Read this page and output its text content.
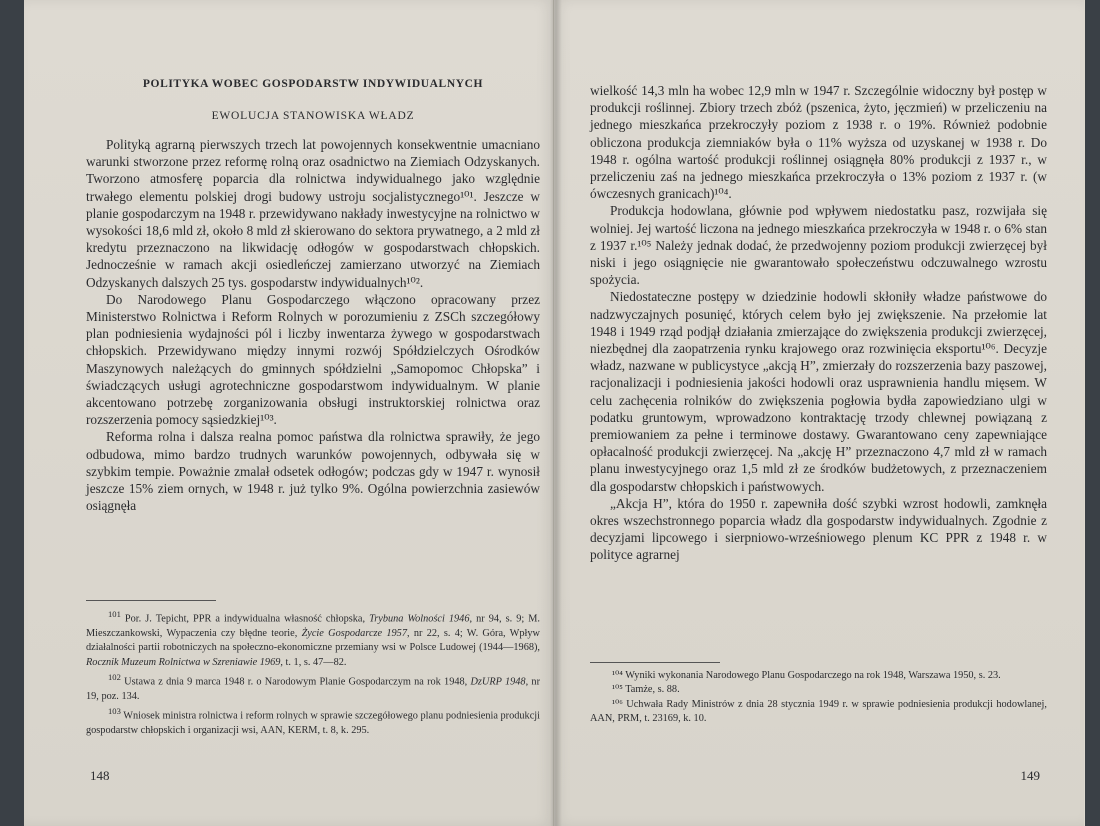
POLITYKA WOBEC GOSPODARSTW INDYWIDUALNYCH
EWOLUCJA STANOWISKA WŁADZ

Polityką agrarną pierwszych trzech lat powojennych konsekwentnie umacniano warunki stworzone przez reformę rolną oraz osadnictwo na Ziemiach Odzyskanych. Tworzono atmosferę poparcia dla rolnictwa indywidualnego jako względnie trwałego elementu polskiej drogi budowy ustroju socjalistycznego¹⁰¹. Jeszcze w planie gospodarczym na 1948 r. przewidywano nakłady inwestycyjne na rolnictwo w wysokości 18,6 mld zł, około 8 mld zł skierowano do sektora prywatnego, a 2 mld zł kredytu przeznaczono na likwidację odłogów w gospodarstwach chłopskich. Jednocześnie w ramach akcji osiedleńczej zamierzano utworzyć na Ziemiach Odzyskanych dalszych 25 tys. gospodarstw indywidualnych¹⁰².

Do Narodowego Planu Gospodarczego włączono opracowany przez Ministerstwo Rolnictwa i Reform Rolnych w porozumieniu z ZSCh szczegółowy plan podniesienia wydajności pól i liczby inwentarza żywego w gospodarstwach chłopskich. Przewidywano między innymi rozwój Spółdzielczych Ośrodków Maszynowych należących do gminnych spółdzielni „Samopomoc Chłopska” i świadczących usługi agrotechniczne gospodarstwom indywidualnym. W planie akcentowano potrzebę zorganizowania obsługi instruktorskiej rolnictwa oraz rozszerzenia pomocy sąsiedzkiej¹⁰³.

Reforma rolna i dalsza realna pomoc państwa dla rolnictwa sprawiły, że jego odbudowa, mimo bardzo trudnych warunków powojennych, odbywała się w szybkim tempie. Poważnie zmalał odsetek odłogów; podczas gdy w 1947 r. wynosił jeszcze 15% ziem ornych, w 1948 r. już tylko 9%. Ogólna powierzchnia zasiewów osiągnęła

$^{101}$ Por. J. Tepicht, PPR a indywidualna własność chłopska, Trybuna Wolności 1946, nr 94, s. 9; M. Mieszczankowski, Wypaczenia czy błędne teorie, Życie Gospodarcze 1957, nr 22, s. 4; W. Góra, Wpływ działalności partii robotniczych na społeczno-ekonomiczne przemiany wsi w Polsce Ludowej (1944—1968), Rocznik Muzeum Rolnictwa w Szreniawie 1969, t. 1, s. 47—82.

$^{102}$ Ustawa z dnia 9 marca 1948 r. o Narodowym Planie Gospodarczym na rok 1948, DzURP 1948, nr 19, poz. 134.

$^{103}$ Wniosek ministra rolnictwa i reform rolnych w sprawie szczegółowego planu podniesienia produkcji gospodarstw chłopskich i organizacji wsi, AAN, KERM, t. 8, k. 295.

148

wielkość 14,3 mln ha wobec 12,9 mln w 1947 r. Szczególnie widoczny był postęp w produkcji roślinnej. Zbiory trzech zbóż (pszenica, żyto, jęczmień) w przeliczeniu na jednego mieszkańca przekroczyły poziom z 1938 r. o 19%. Również podobnie obliczona produkcja ziemniaków była o 11% wyższa od uzyskanej w 1938 r. Do 1948 r. ogólna wartość produkcji roślinnej osiągnęła 80% produkcji z 1937 r., w przeliczeniu zaś na jednego mieszkańca przekroczyła o 13% poziom z 1937 r. (w ówczesnych granicach)¹⁰⁴.

Produkcja hodowlana, głównie pod wpływem niedostatku pasz, rozwijała się wolniej. Jej wartość liczona na jednego mieszkańca przekroczyła w 1948 r. o 6% stan z 1937 r.¹⁰⁵ Należy jednak dodać, że przedwojenny poziom produkcji zwierzęcej był niski i jego osiągnięcie nie gwarantowało społeczeństwu odczuwalnego wzrostu spożycia.

Niedostateczne postępy w dziedzinie hodowli skłoniły władze państwowe do nadzwyczajnych posunięć, których celem było jej zwiększenie. Na przełomie lat 1948 i 1949 rząd podjął działania zmierzające do zwiększenia produkcji zwierzęcej, niezbędnej dla zaopatrzenia rynku krajowego oraz rozwinięcia eksportu¹⁰⁶. Decyzje władz, nazwane w publicystyce „akcją H”, zmierzały do rozszerzenia bazy paszowej, racjonalizacji i podniesienia jakości hodowli oraz usprawnienia handlu mięsem. W celu zachęcenia rolników do zwiększenia pogłowia bydła zapowiedziano ulgi w podatku gruntowym, wprowadzono kontraktację trzody chlewnej powiązaną z premiowaniem za pełne i terminowe dostawy. Gwarantowano ceny zapewniające opłacalność produkcji zwierzęcej. Na „akcję H” przeznaczono 4,7 mld zł w ramach planu inwestycyjnego oraz 1,5 mld zł ze środków budżetowych, z przeznaczeniem dla gospodarstw chłopskich i państwowych.

„Akcja H”, która do 1950 r. zapewniła dość szybki wzrost hodowli, zamknęła okres wszechstronnego poparcia władz dla gospodarstw indywidualnych. Zgodnie z decyzjami lipcowego i sierpniowo-wrześniowego plenum KC PPR z 1948 r. w polityce agrarnej

¹⁰⁴ Wyniki wykonania Narodowego Planu Gospodarczego na rok 1948, Warszawa 1950, s. 23.

¹⁰⁵ Tamże, s. 88.

¹⁰⁶ Uchwała Rady Ministrów z dnia 28 stycznia 1949 r. w sprawie podniesienia produkcji hodowlanej, AAN, PRM, t. 23169, k. 10.

149
